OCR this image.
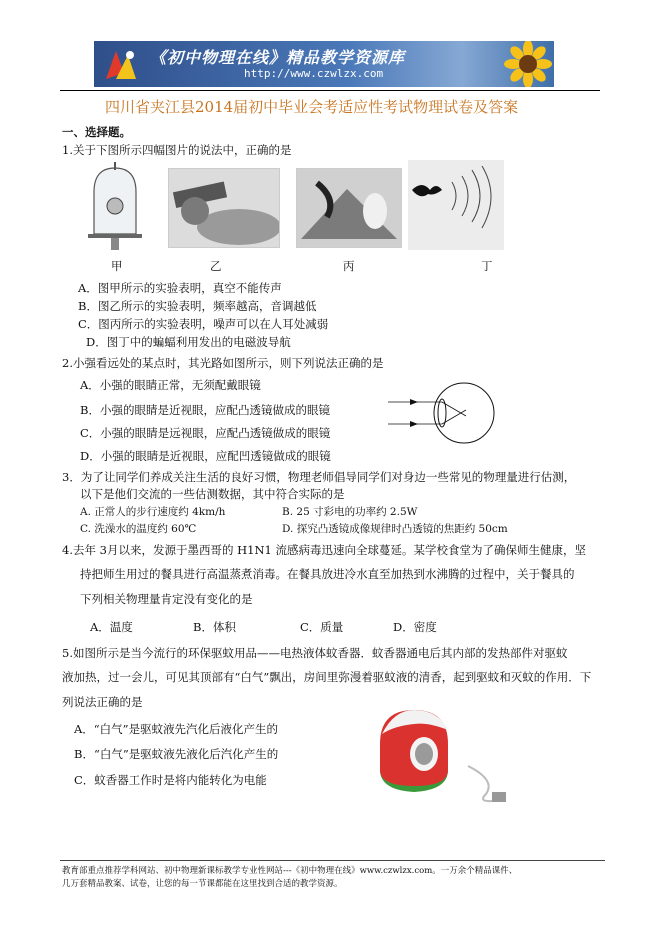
《初中物理在线》精品教学资源库
http://www.czwlzx.com
四川省夹江县2014届初中毕业会考适应性考试物理试卷及答案
一、选择题。
1.关于下图所示四幅图片的说法中，正确的是
甲	乙	丙	丁
A．图甲所示的实验表明，真空不能传声
B．图乙所示的实验表明，频率越高，音调越低
C．图丙所示的实验表明，噪声可以在人耳处减弱
D．图丁中的蝙蝠利用发出的电磁波导航
2.小强看远处的某点时，其光路如图所示，则下列说法正确的是
A．小强的眼睛正常，无须配戴眼镜
B．小强的眼睛是近视眼，应配凸透镜做成的眼镜
C．小强的眼睛是远视眼，应配凸透镜做成的眼镜
D．小强的眼睛是近视眼，应配凹透镜做成的眼镜
3．为了让同学们养成关注生活的良好习惯，物理老师倡导同学们对身边一些常见的物理量进行估测，
以下是他们交流的一些估测数据，其中符合实际的是
A. 正常人的步行速度约 4km/h	B. 25 寸彩电的功率约 2.5W
C. 洗澡水的温度约 60℃	D. 探究凸透镜成像规律时凸透镜的焦距约 50cm
4.去年 3月以来，发源于墨西哥的 H1N1 流感病毒迅速向全球蔓延。某学校食堂为了确保师生健康，坚
持把师生用过的餐具进行高温蒸煮消毒。在餐具放进冷水直至加热到水沸腾的过程中，关于餐具的
下列相关物理量肯定没有变化的是
A．温度	B．体积	C．质量	D．密度
5.如图所示是当今流行的环保驱蚊用品——电热液体蚊香器．蚊香器通电后其内部的发热部件对驱蚊
液加热，过一会儿，可见其顶部有“白气”飘出，房间里弥漫着驱蚊液的清香，起到驱蚊和灭蚊的作用．下
列说法正确的是
A．“白气”是驱蚊液先汽化后液化产生的
B．“白气”是驱蚊液先液化后汽化产生的
C．蚊香器工作时是将内能转化为电能
教育部重点推荐学科网站、初中物理新课标教学专业性网站---《初中物理在线》www.czwlzx.com。一万余个精品课件、
几万套精品教案、试卷，让您的每一节课都能在这里找到合适的教学资源。
